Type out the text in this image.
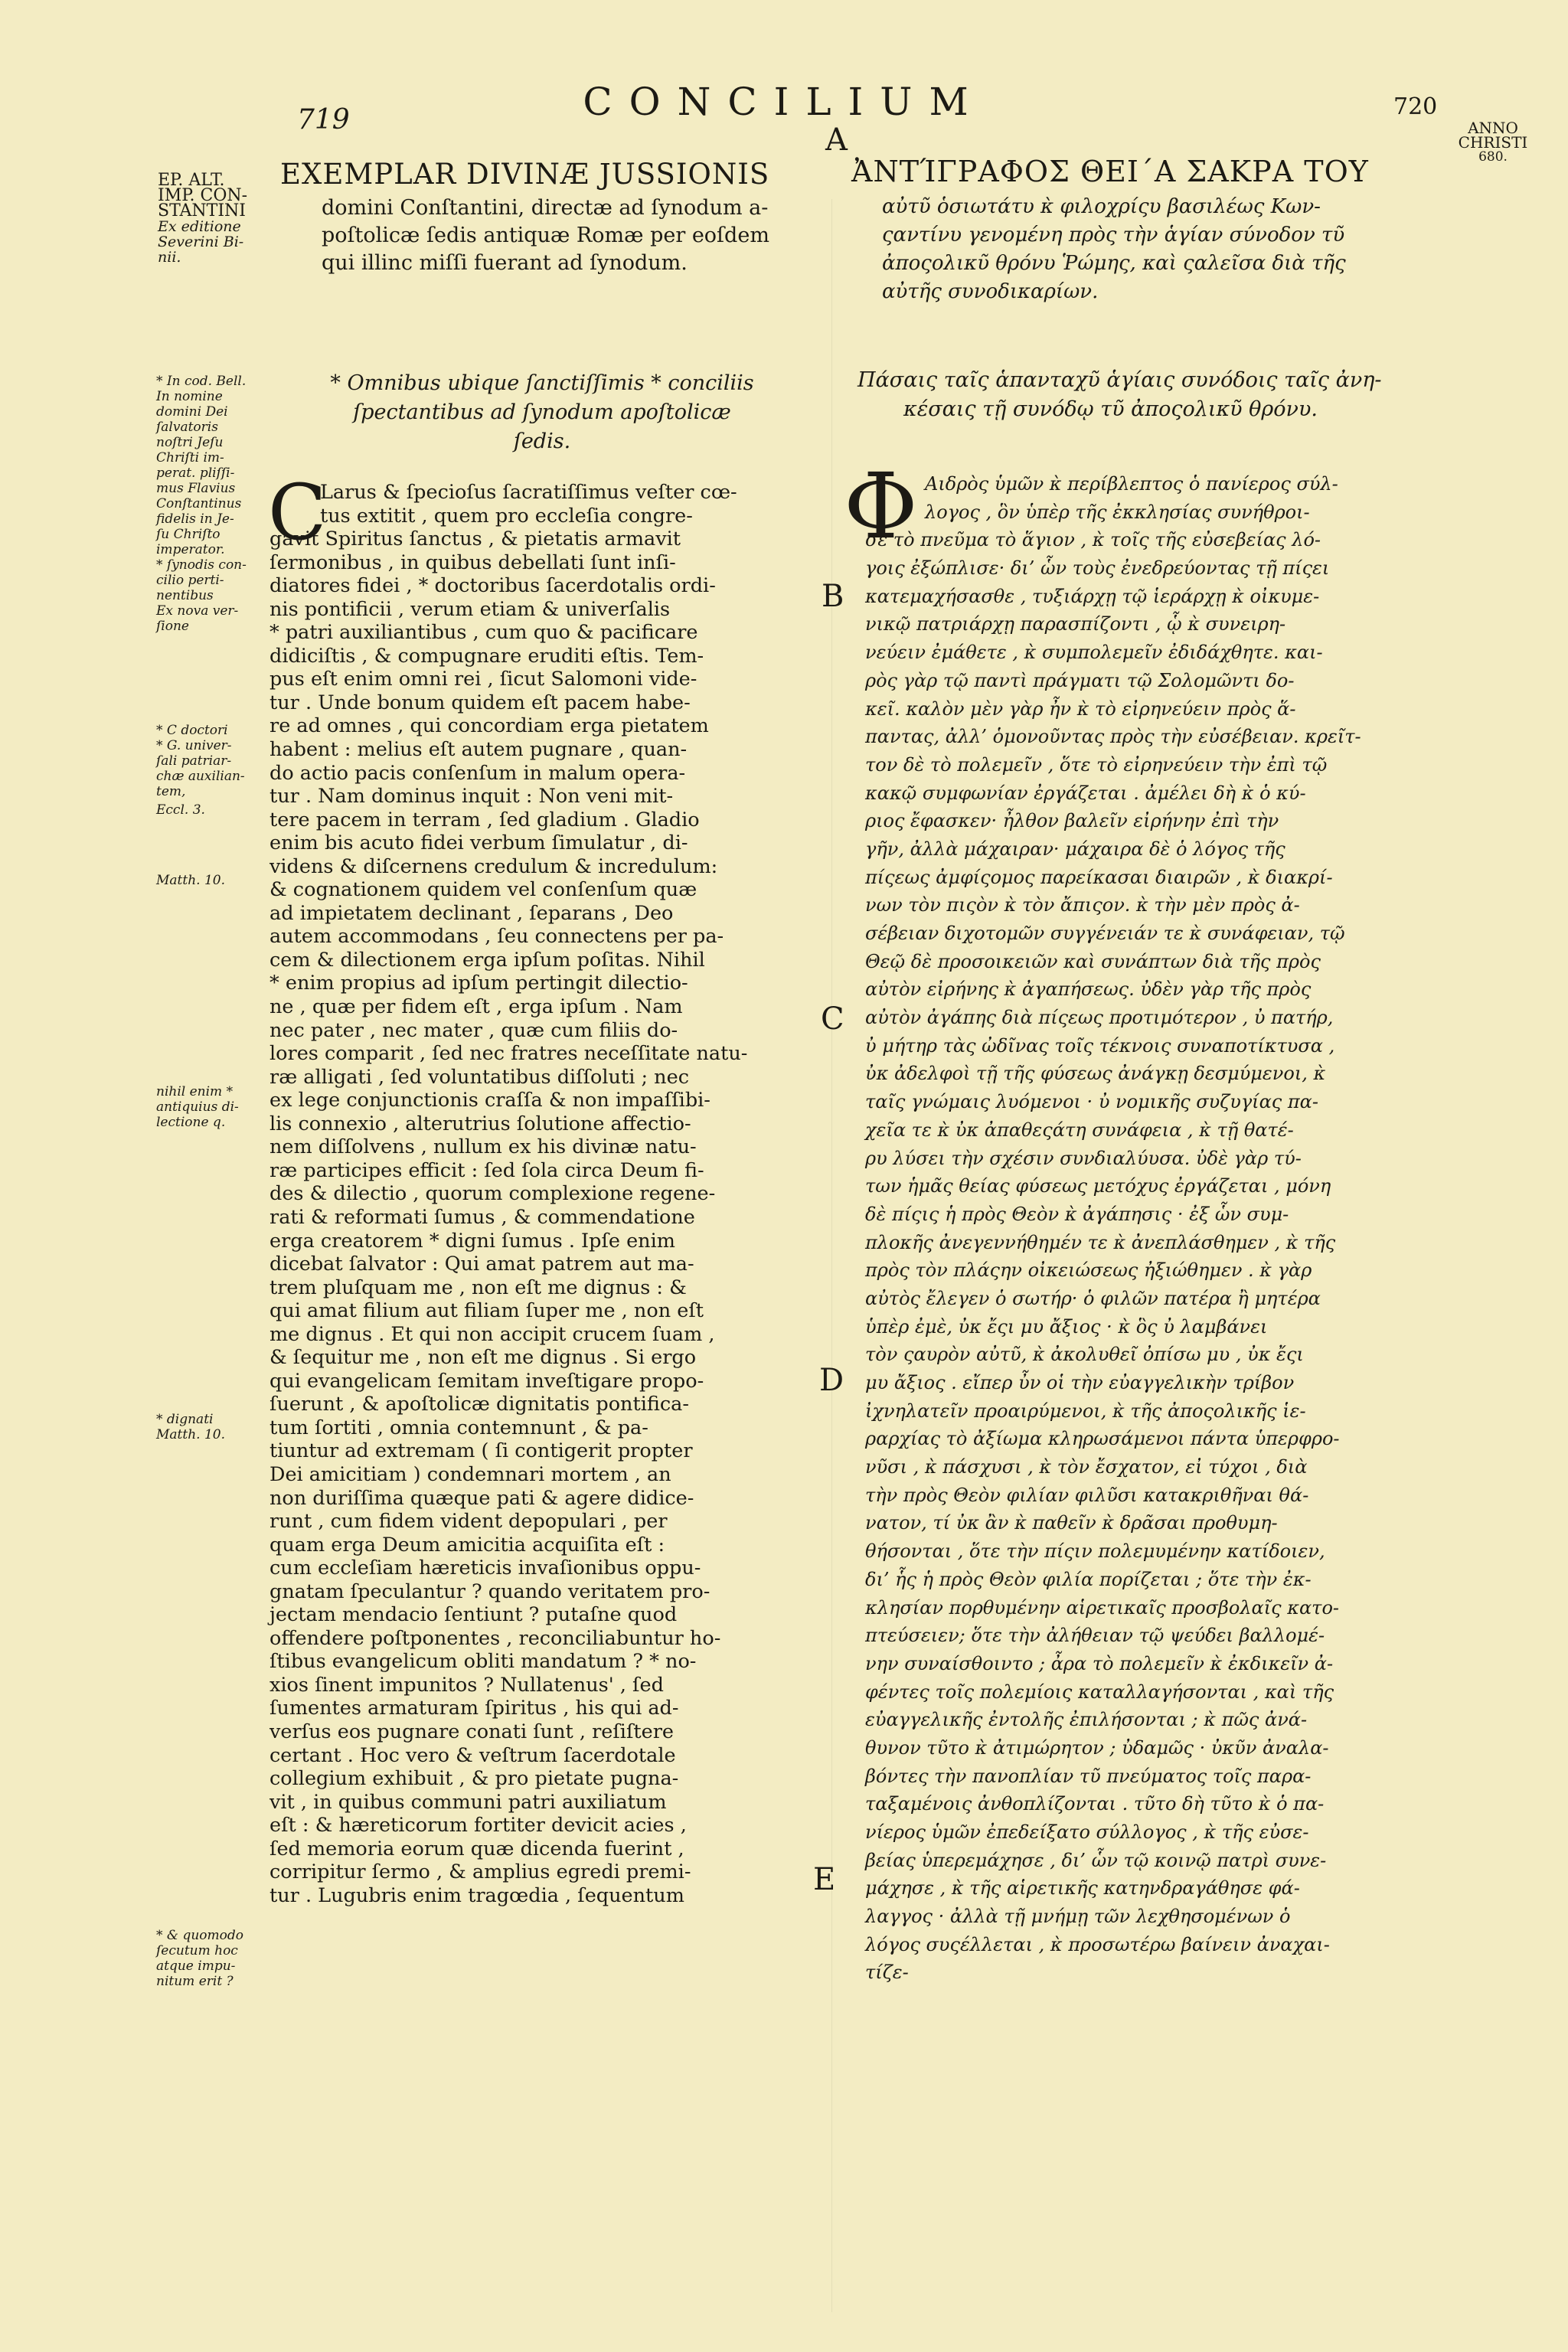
719	CONCILIUM	720
A
EP. ALT.
IMP. CON-
STANTINI
Ex editione
Severini Bi-
nii.
ANNO
CHRISTI
680.
EXEMPLAR DIVINÆ JUSSIONIS
domini Conſtantini, directæ ad ſynodum a-
poſtolicæ ſedis antiquæ Romæ per eoſdem
qui illinc miſſi fuerant ad ſynodum.
ἈΝΤΊΓΡΑΦΟΣ ΘΕΙ΄Α ΣΑΚΡΑ ΤΟΥ
αὐτῦ ὁσιωτάτυ κ̀ φιλοχρίςυ βασιλέως Κων-
ςαντίνυ γενομένη πρὸς τὴν ἁγίαν σύνοδον τῦ
ἀποςολικῦ θρόνυ Ῥώμης, καὶ ςαλεῖσα διὰ τῆς
αὐτῆς συνοδικαρίων.
* Omnibus ubique ſanctiſſimis * conciliis
ſpectantibus ad ſynodum apoſtolicæ
ſedis.
Πάσαις ταῖς ἁπανταχῦ ἁγίαις συνόδοις ταῖς ἀνη-
κέσαις τῇ συνόδῳ τῦ ἀποςολικῦ θρόνυ.
C
Larus & ſpecioſus ſacratiſſimus veſter cœ-
tus extitit , quem pro eccleſia congre-
gavit Spiritus ſanctus , & pietatis armavit
ſermonibus , in quibus debellati ſunt inſi-
diatores fidei , * doctoribus ſacerdotalis ordi-
nis pontificii , verum etiam & univerſalis
* patri auxiliantibus , cum quo & pacificare
didiciſtis , & compugnare eruditi eſtis. Tem-
pus eſt enim omni rei , ſicut Salomoni vide-
tur . Unde bonum quidem eſt pacem habe-
re ad omnes , qui concordiam erga pietatem
habent : melius eſt autem pugnare , quan-
do actio pacis conſenſum in malum opera-
tur . Nam dominus inquit : Non veni mit-
tere pacem in terram , ſed gladium . Gladio
enim bis acuto fidei verbum ſimulatur , di-
videns & diſcernens credulum & incredulum:
& cognationem quidem vel conſenſum quæ
ad impietatem declinant , ſeparans , Deo
autem accommodans , ſeu connectens per pa-
cem & dilectionem erga ipſum poſitas. Nihil
* enim propius ad ipſum pertingit dilectio-
ne , quæ per fidem eſt , erga ipſum . Nam
nec pater , nec mater , quæ cum filiis do-
lores comparit , ſed nec fratres neceſſitate natu-
ræ alligati , ſed voluntatibus diſſoluti ; nec
ex lege conjunctionis craſſa & non impaſſibi-
lis connexio , alterutrius ſolutione affectio-
nem diſſolvens , nullum ex his divinæ natu-
ræ participes efficit : ſed ſola circa Deum fi-
des & dilectio , quorum complexione regene-
rati & reformati ſumus , & commendatione
erga creatorem * digni ſumus . Ipſe enim
dicebat ſalvator : Qui amat patrem aut ma-
trem pluſquam me , non eſt me dignus : &
qui amat filium aut filiam ſuper me , non eſt
me dignus . Et qui non accipit crucem ſuam ,
& ſequitur me , non eſt me dignus . Si ergo
qui evangelicam ſemitam inveſtigare propo-
ſuerunt , & apoſtolicæ dignitatis pontifica-
tum ſortiti , omnia contemnunt , & pa-
tiuntur ad extremam ( ſi contigerit propter
Dei amicitiam ) condemnari mortem , an
non duriſſima quæque pati & agere didice-
runt , cum fidem vident depopulari , per
quam erga Deum amicitia acquiſita eſt :
cum eccleſiam hæreticis invaſionibus oppu-
gnatam ſpeculantur ? quando veritatem pro-
jectam mendacio ſentiunt ? putaſne quod
offendere poſtponentes , reconciliabuntur ho-
ſtibus evangelicum obliti mandatum ? * no-
xios ſinent impunitos ? Nullatenus' , ſed
ſumentes armaturam ſpiritus , his qui ad-
verſus eos pugnare conati ſunt , reſiſtere
certant . Hoc vero & veſtrum ſacerdotale
collegium exhibuit , & pro pietate pugna-
vit , in quibus communi patri auxiliatum
eſt : & hæreticorum fortiter devicit acies ,
ſed memoria eorum quæ dicenda fuerint ,
corripitur ſermo , & amplius egredi premi-
tur . Lugubris enim tragœdia , ſequentum
Φ Αιδρὸς ὑμῶν κ̀ περίβλεπτος ὁ πανίερος σύλ-
λογος , ὃν ὑπὲρ τῆς ἐκκλησίας συνήθροι-
σε τὸ πνεῦμα τὸ ἅγιον , κ̀ τοῖς τῆς εὐσεβείας λό-
γοις ἐξώπλισε· δι’ ὧν τοὺς ἐνεδρεύοντας τῇ πίςει
κατεμαχήσασθε , τυξιάρχῃ τῷ ἱεράρχῃ κ̀ οἰκυμε-
νικῷ πατριάρχῃ παρασπίζοντι , ᾧ κ̀ συνειρη-
νεύειν ἐμάθετε , κ̀ συμπολεμεῖν ἐδιδάχθητε. και-
ρὸς γὰρ τῷ παντὶ πράγματι τῷ Σολομῶντι δο-
κεῖ. καλὸν μὲν γὰρ ἦν κ̀ τὸ εἰρηνεύειν πρὸς ἅ-
παντας, ἀλλ’ ὁμονοῦντας πρὸς τὴν εὐσέβειαν. κρεῖτ-
τον δὲ τὸ πολεμεῖν , ὅτε τὸ εἰρηνεύειν τὴν ἐπὶ τῷ
κακῷ συμφωνίαν ἐργάζεται . ἀμέλει δὴ κ̀ ὁ κύ-
ριος ἔφασκεν· ἦλθον βαλεῖν εἰρήνην ἐπὶ τὴν
γῆν, ἀλλὰ μάχαιραν· μάχαιρα δὲ ὁ λόγος τῆς
πίςεως ἀμφίςομος παρείκασαι διαιρῶν , κ̀ διακρί-
νων τὸν πιςὸν κ̀ τὸν ἄπιςον. κ̀ τὴν μὲν πρὸς ἀ-
σέβειαν διχοτομῶν συγγένειάν τε κ̀ συνάφειαν, τῷ
Θεῷ δὲ προσοικειῶν καὶ συνάπτων διὰ τῆς πρὸς
αὐτὸν εἰρήνης κ̀ ἀγαπήσεως. ὐδὲν γὰρ τῆς πρὸς
αὐτὸν ἀγάπης διὰ πίςεως προτιμότερον , ὐ πατήρ,
ὐ μήτηρ τὰς ὠδῖνας τοῖς τέκνοις συναποτίκτυσα ,
ὐκ ἀδελφοὶ τῇ τῆς φύσεως ἀνάγκῃ δεσμύμενοι, κ̀
ταῖς γνώμαις λυόμενοι · ὐ νομικῆς συζυγίας πα-
χεῖα τε κ̀ ὐκ ἀπαθεςάτη συνάφεια , κ̀ τῇ θατέ-
ρυ λύσει τὴν σχέσιν συνδιαλύυσα. ὐδὲ γὰρ τύ-
των ἡμᾶς θείας φύσεως μετόχυς ἐργάζεται , μόνη
δὲ πίςις ἡ πρὸς Θεὸν κ̀ ἀγάπησις · ἐξ ὧν συμ-
πλοκῆς ἀνεγεννήθημέν τε κ̀ ἀνεπλάσθημεν , κ̀ τῆς
πρὸς τὸν πλάςην οἰκειώσεως ἠξιώθημεν . κ̀ γὰρ
αὐτὸς ἔλεγεν ὁ σωτήρ· ὁ φιλῶν πατέρα ἢ μητέρα
ὑπὲρ ἐμὲ, ὐκ ἔςι μυ ἄξιος · κ̀ ὃς ὐ λαμβάνει
τὸν ςαυρὸν αὐτῦ, κ̀ ἀκολυθεῖ ὀπίσω μυ , ὐκ ἔςι
μυ ἄξιος . εἴπερ ὖν οἱ τὴν εὐαγγελικὴν τρίβον
ἰχνηλατεῖν προαιρύμενοι, κ̀ τῆς ἀποςολικῆς ἱε-
ραρχίας τὸ ἀξίωμα κληρωσάμενοι πάντα ὑπερφρο-
νῦσι , κ̀ πάσχυσι , κ̀ τὸν ἔσχατον, εἰ τύχοι , διὰ
τὴν πρὸς Θεὸν φιλίαν φιλῦσι κατακριθῆναι θά-
νατον, τί ὐκ ἂν κ̀ παθεῖν κ̀ δρᾶσαι προθυμη-
θήσονται , ὅτε τὴν πίςιν πολεμυμένην κατίδοιεν,
δι’ ἧς ἡ πρὸς Θεὸν φιλία πορίζεται ; ὅτε τὴν ἐκ-
κλησίαν πορθυμένην αἱρετικαῖς προσβολαῖς κατο-
πτεύσειεν; ὅτε τὴν ἀλήθειαν τῷ ψεύδει βαλλομέ-
νην συναίσθοιντο ; ἆρα τὸ πολεμεῖν κ̀ ἐκδικεῖν ἀ-
φέντες τοῖς πολεμίοις καταλλαγήσονται , καὶ τῆς
εὐαγγελικῆς ἐντολῆς ἐπιλήσονται ; κ̀ πῶς ἀνά-
θυνον τῦτο κ̀ ἀτιμώρητον ; ὐδαμῶς · ὐκῦν ἀναλα-
βόντες τὴν πανοπλίαν τῦ πνεύματος τοῖς παρα-
ταξαμένοις ἀνθοπλίζονται . τῦτο δὴ τῦτο κ̀ ὁ πα-
νίερος ὑμῶν ἐπεδείξατο σύλλογος , κ̀ τῆς εὐσε-
βείας ὑπερεμάχησε , δι’ ὧν τῷ κοινῷ πατρὶ συνε-
μάχησε , κ̀ τῆς αἱρετικῆς κατηνδραγάθησε φά-
λαγγος · ἀλλὰ τῇ μνήμῃ τῶν λεχθησομένων ὁ
λόγος συςέλλεται , κ̀ προσωτέρω βαίνειν ἀναχαι-
τίζε-
B
C
D
E
* In cod. Bell.
In nomine
domini Dei
ſalvatoris
noſtri Jeſu
Chriſti im-
perat. pliſſi-
mus Flavius
Conſtantinus
fidelis in Je-
ſu Chriſto
imperator.
* ſynodis con-
cilio perti-
nentibus
Ex nova ver-
ſione
* C doctori
* G. univer-
ſali patriar-
chæ auxilian-
tem,
Eccl. 3.
Matth. 10.
nihil enim *
antiquius di-
lectione q.
* dignati
Matth. 10.
* & quomodo
ſecutum hoc
atque impu-
nitum erit ?
